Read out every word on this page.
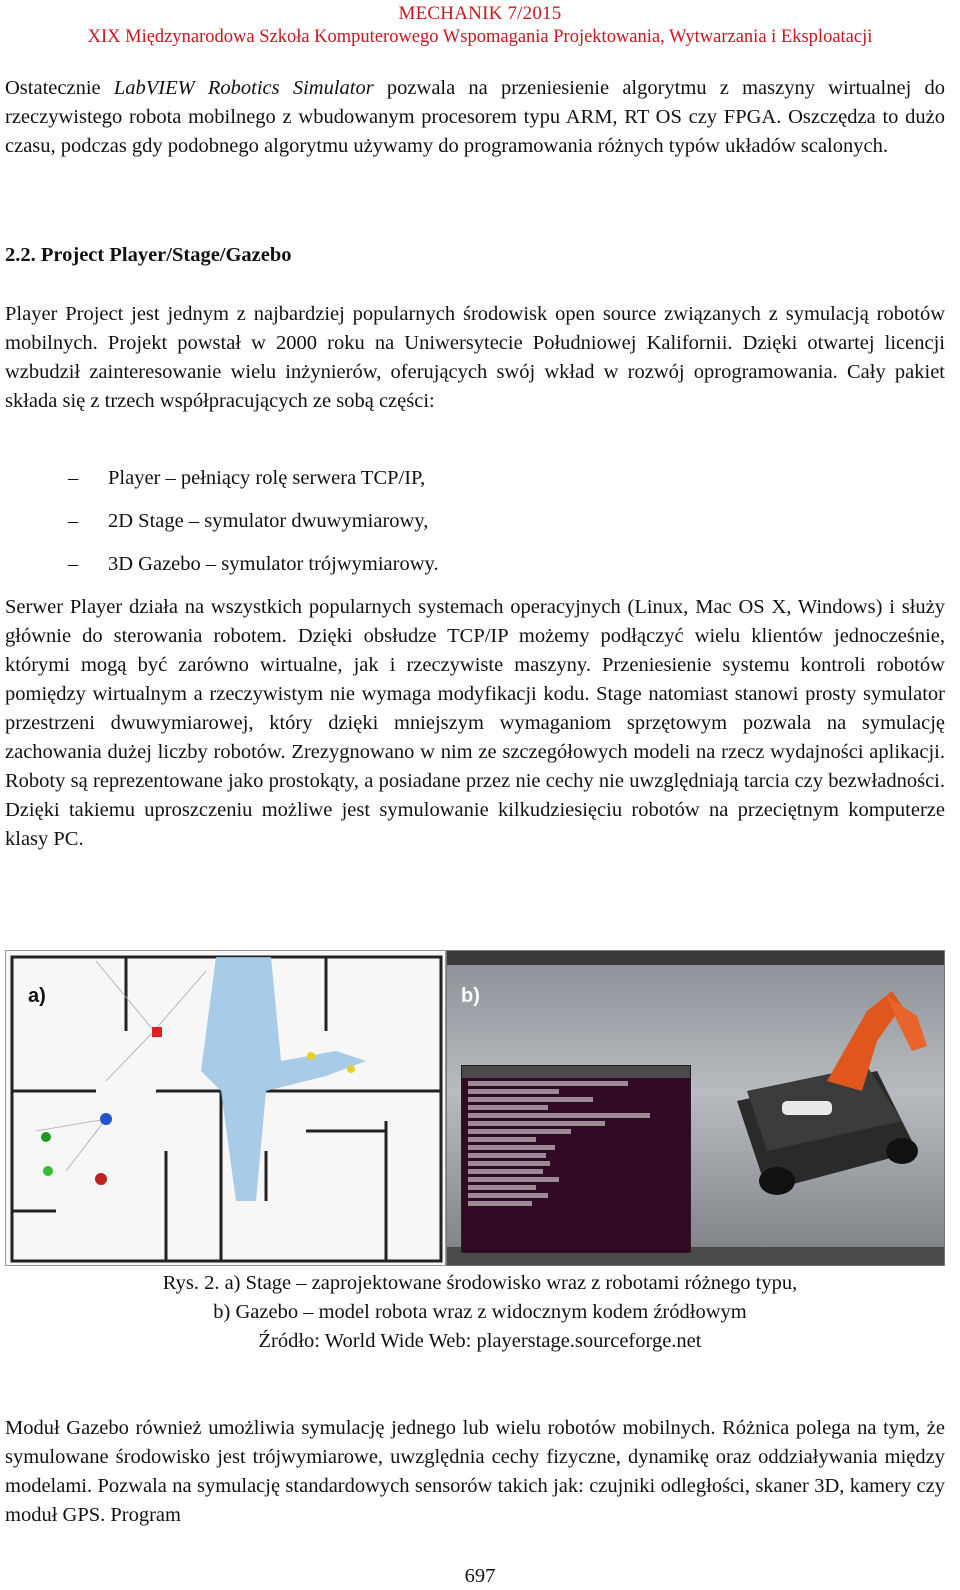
MECHANIK 7/2015
XIX Międzynarodowa Szkoła Komputerowego Wspomagania Projektowania, Wytwarzania i Eksploatacji
Ostatecznie LabVIEW Robotics Simulator pozwala na przeniesienie algorytmu z maszyny wirtualnej do rzeczywistego robota mobilnego z wbudowanym procesorem typu ARM, RT OS czy FPGA. Oszczędza to dużo czasu, podczas gdy podobnego algorytmu używamy do programowania różnych typów układów scalonych.
2.2. Project Player/Stage/Gazebo
Player Project jest jednym z najbardziej popularnych środowisk open source związanych z symulacją robotów mobilnych. Projekt powstał w 2000 roku na Uniwersytecie Południowej Kalifornii. Dzięki otwartej licencji wzbudził zainteresowanie wielu inżynierów, oferujących swój wkład w rozwój oprogramowania. Cały pakiet składa się z trzech współpracujących ze sobą części:
– Player – pełniący rolę serwera TCP/IP,
– 2D Stage – symulator dwuwymiarowy,
– 3D Gazebo – symulator trójwymiarowy.
Serwer Player działa na wszystkich popularnych systemach operacyjnych (Linux, Mac OS X, Windows) i służy głównie do sterowania robotem. Dzięki obsłudze TCP/IP możemy podłączyć wielu klientów jednocześnie, którymi mogą być zarówno wirtualne, jak i rzeczywiste maszyny. Przeniesienie systemu kontroli robotów pomiędzy wirtualnym a rzeczywistym nie wymaga modyfikacji kodu. Stage natomiast stanowi prosty symulator przestrzeni dwuwymiarowej, który dzięki mniejszym wymaganiom sprzętowym pozwala na symulację zachowania dużej liczby robotów. Zrezygnowano w nim ze szczegółowych modeli na rzecz wydajności aplikacji. Roboty są reprezentowane jako prostokąty, a posiadane przez nie cechy nie uwzględniają tarcia czy bezwładności. Dzięki takiemu uproszczeniu możliwe jest symulowanie kilkudziesięciu robotów na przeciętnym komputerze klasy PC.
a)	b)
Rys. 2. a) Stage – zaprojektowane środowisko wraz z robotami różnego typu,
b) Gazebo – model robota wraz z widocznym kodem źródłowym
Źródło: World Wide Web: playerstage.sourceforge.net
Moduł Gazebo również umożliwia symulację jednego lub wielu robotów mobilnych. Różnica polega na tym, że symulowane środowisko jest trójwymiarowe, uwzględnia cechy fizyczne, dynamikę oraz oddziaływania między modelami. Pozwala na symulację standardowych sensorów takich jak: czujniki odległości, skaner 3D, kamery czy moduł GPS. Program
697
